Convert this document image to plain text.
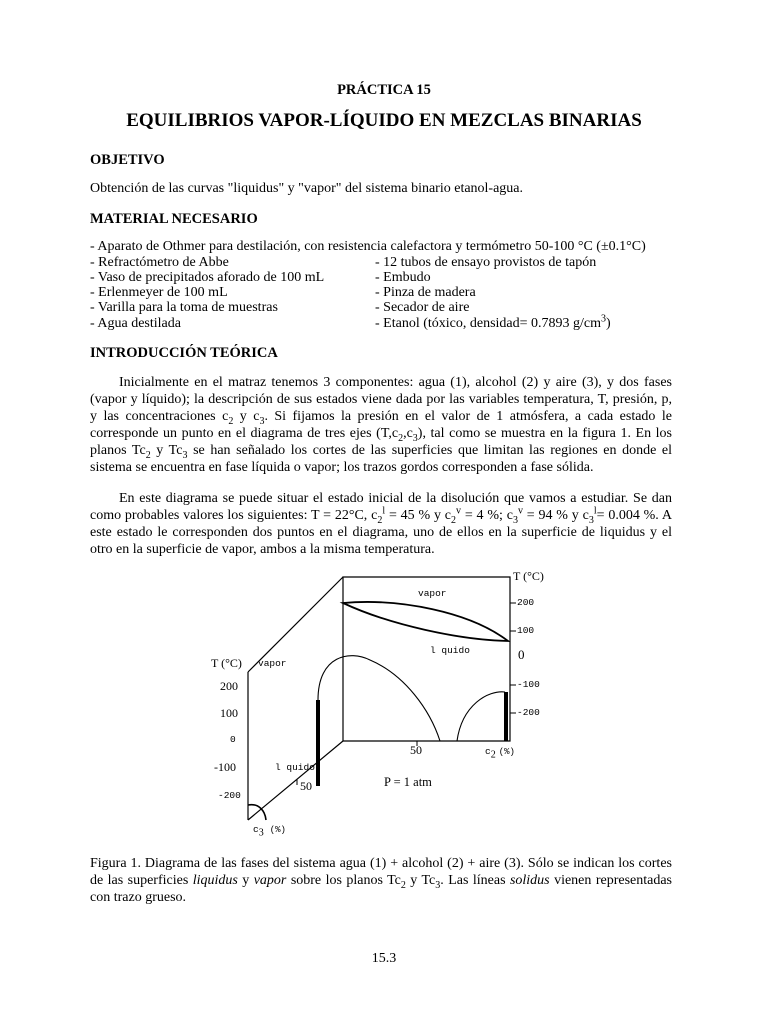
PRÁCTICA 15
EQUILIBRIOS VAPOR-LÍQUIDO EN MEZCLAS BINARIAS
OBJETIVO
Obtención de las curvas "liquidus" y "vapor" del sistema binario etanol-agua.
MATERIAL NECESARIO
- Aparato de Othmer para destilación, con resistencia calefactora y termómetro 50-100 °C (±0.1°C)
- Refractómetro de Abbe
- Vaso de precipitados aforado de 100 mL
- Erlenmeyer de 100 mL
- Varilla para la toma de muestras
- Agua destilada
- 12 tubos de ensayo provistos de tapón
- Embudo
- Pinza de madera
- Secador de aire
- Etanol (tóxico, densidad= 0.7893 $g/cm^3$)
INTRODUCCIÓN TEÓRICA
Inicialmente en el matraz tenemos 3 componentes: agua (1), alcohol (2) y aire (3), y dos fases (vapor y líquido); la descripción de sus estados viene dada por las variables temperatura, T, presión, p, y las concentraciones $c_2$ y $c_3$. Si fijamos la presión en el valor de 1 atmósfera, a cada estado le corresponde un punto en el diagrama de tres ejes $(T,c_2,c_3)$, tal como se muestra en la figura 1. En los planos $Tc_2$ y $Tc_3$ se han señalado los cortes de las superficies que limitan las regiones en donde el sistema se encuentra en fase líquida o vapor; los trazos gordos corresponden a fase sólida.
En este diagrama se puede situar el estado inicial de la disolución que vamos a estudiar. Se dan como probables valores los siguientes: T = 22°C, $c_2^l = 45$ % y $c_2^v = 4$ %; $c_3^v = 94$ % y $c_3^l= 0.004$ %. A este estado le corresponden dos puntos en el diagrama, uno de ellos en la superficie de liquidus y el otro en la superficie de vapor, ambos a la misma temperatura.
T (°C)
200
100
0
-100
-200
vapor
l quido
T (°C) vapor
200
100
0
-100
-200
l quido
50
50
$c_2$ (%)
$c_3$ (%)
P = 1 atm
Figura 1. Diagrama de las fases del sistema agua (1) + alcohol (2) + aire (3). Sólo se indican los cortes de las superficies liquidus y vapor sobre los planos $Tc_2$ y $Tc_3$. Las líneas solidus vienen representadas con trazo grueso.
15.3
